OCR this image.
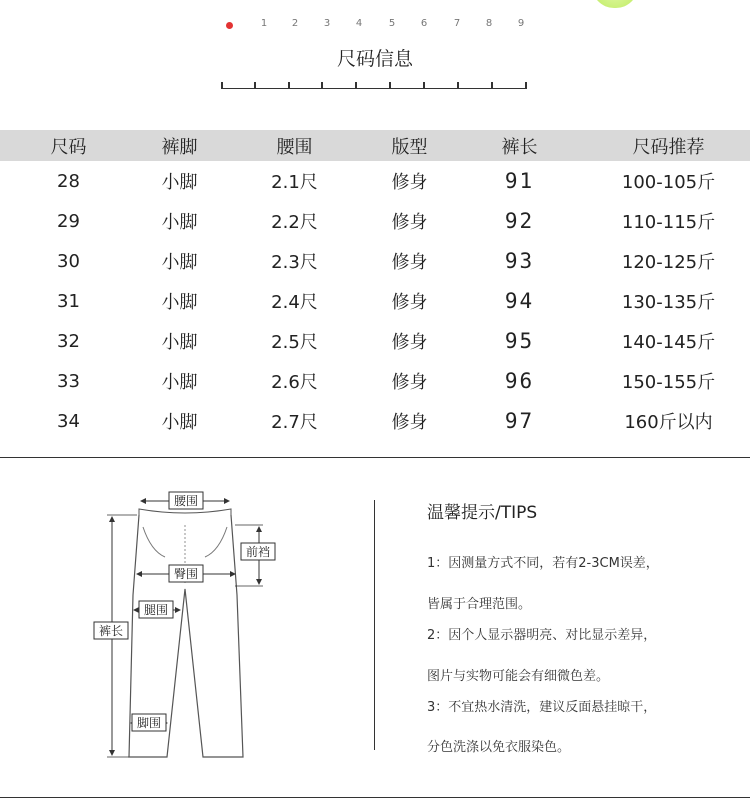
1 2	3	4	5	6	7	8	9
尺码信息
尺码	裤脚	腰围	版型	裤长	尺码推荐
28	小脚	2.1尺	修身	91	100-105斤
29	小脚	2.2尺	修身	92	110-115斤
30	小脚	2.3尺	修身	93	120-125斤
31	小脚	2.4尺	修身	94	130-135斤
32	小脚	2.5尺	修身	95	140-145斤
33	小脚	2.6尺	修身	96	150-155斤
34	小脚	2.7尺	修身	97	160斤以内
腰围
前裆
臀围
腿围
裤长
脚围
温馨提示/TIPS
1：因测量方式不同，若有2-3CM误差，
皆属于合理范围。
2：因个人显示器明亮、对比显示差异，
图片与实物可能会有细微色差。
3：不宜热水清洗，建议反面悬挂晾干，
分色洗涤以免衣服染色。
